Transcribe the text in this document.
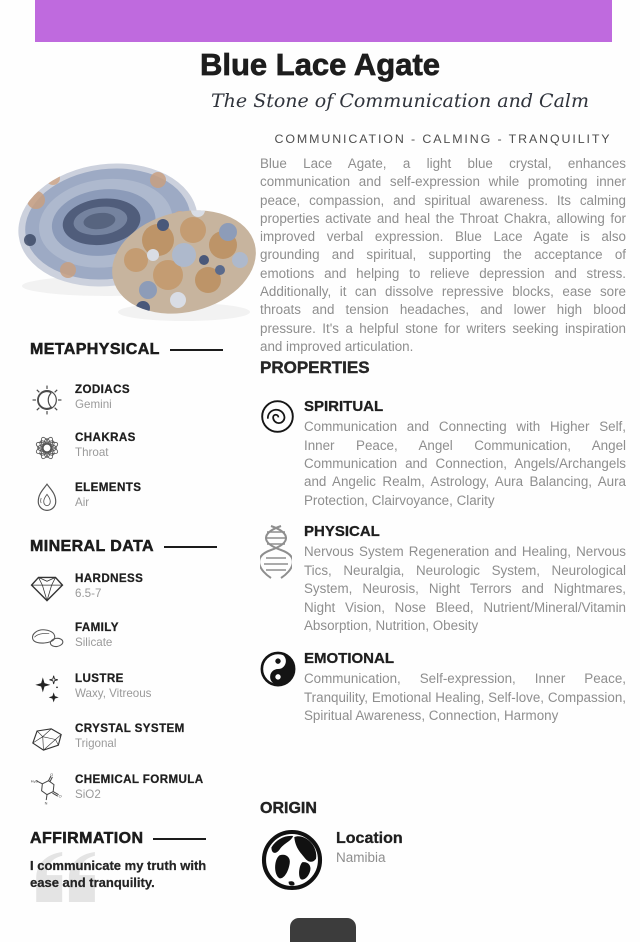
Blue Lace Agate
The Stone of Communication and Calm
COMMUNICATION - CALMING - TRANQUILITY
Blue Lace Agate, a light blue crystal, enhances communication and self-expression while promoting inner peace, compassion, and spiritual awareness. Its calming properties activate and heal the Throat Chakra, allowing for improved verbal expression. Blue Lace Agate is also grounding and spiritual, supporting the acceptance of emotions and helping to relieve depression and stress. Additionally, it can dissolve repressive blocks, ease sore throats and tension headaches, and lower high blood pressure. It's a helpful stone for writers seeking inspiration and improved articulation.
PROPERTIES
SPIRITUAL
Communication and Connecting with Higher Self, Inner Peace, Angel Communication, Angel Communication and Connection, Angels/Archangels and Angelic Realm, Astrology, Aura Balancing, Aura Protection, Clairvoyance, Clarity
PHYSICAL
Nervous System Regeneration and Healing, Nervous Tics, Neuralgia, Neurologic System, Neurological System, Neurosis, Night Terrors and Nightmares, Night Vision, Nose Bleed, Nutrient/Mineral/Vitamin Absorption, Nutrition, Obesity
EMOTIONAL
Communication, Self-expression, Inner Peace, Tranquility, Emotional Healing, Self-love, Compassion, Spiritual Awareness, Connection, Harmony
ORIGIN
Location
Namibia
METAPHYSICAL
ZODIACS
Gemini
CHAKRAS
Throat
ELEMENTS
Air
MINERAL DATA
HARDNESS
6.5-7
FAMILY
Silicate
LUSTRE
Waxy, Vitreous
CRYSTAL SYSTEM
Trigonal
O
O
H₃C
N
CHEMICAL FORMULA
SiO2
AFFIRMATION
I communicate my truth with ease and tranquility.
